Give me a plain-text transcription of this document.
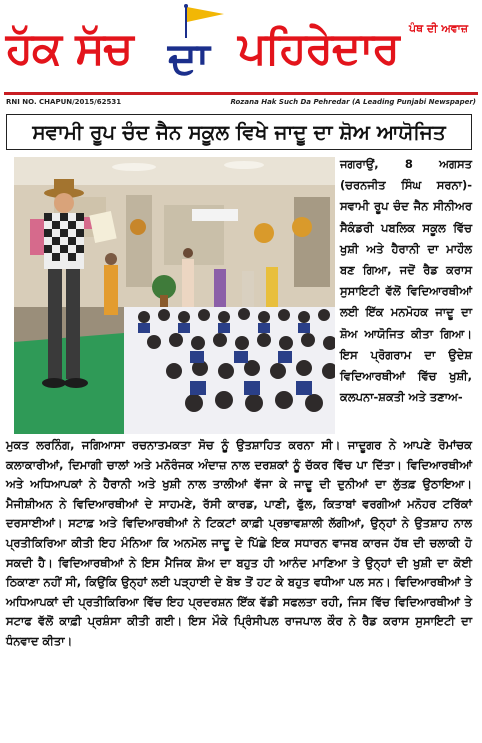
ਹੱਕ ਸੱਚ ਦਾ ਪਹਿਰੇਦਾਰ ਪੰਥ ਦੀ ਅਵਾਜ਼
RNI NO. CHAPUN/2015/62531	Rozana Hak Such Da Pehredar (A Leading Punjabi Newspaper)
ਸਵਾਮੀ ਰੂਪ ਚੰਦ ਜੈਨ ਸਕੂਲ ਵਿਖੇ ਜਾਦੂ ਦਾ ਸ਼ੋਅ ਆਯੋਜਿਤ

ਜਗਰਾਉਂ, 8 ਅਗਸਤ (ਚਰਨਜੀਤ ਸਿੰਘ ਸਰਨਾ)-ਸਵਾਮੀ ਰੂਪ ਚੰਦ ਜੈਨ ਸੀਨੀਅਰ ਸੈਕੰਡਰੀ ਪਬਲਿਕ ਸਕੂਲ ਵਿੱਚ ਖੁਸ਼ੀ ਅਤੇ ਹੈਰਾਨੀ ਦਾ ਮਾਹੌਲ ਬਣ ਗਿਆ, ਜਦੋਂ ਰੈਡ ਕਰਾਸ ਸੁਸਾਇਟੀ ਵੱਲੋਂ ਵਿਦਿਆਰਥੀਆਂ ਲਈ ਇੱਕ ਮਨਮੋਹਕ ਜਾਦੂ ਦਾ ਸ਼ੋਅ ਆਯੋਜਿਤ ਕੀਤਾ ਗਿਆ। ਇਸ ਪ੍ਰੋਗਰਾਮ ਦਾ ਉਦੇਸ਼ ਵਿਦਿਆਰਥੀਆਂ ਵਿੱਚ ਖੁਸ਼ੀ, ਕਲਪਨਾ-ਸ਼ਕਤੀ ਅਤੇ ਤਣਾਅ-

ਮੁਕਤ ਲਰਨਿੰਗ, ਜਗਿਆਸਾ ਰਚਨਾਤਮਕਤਾ ਸੋਚ ਨੂੰ ਉਤਸ਼ਾਹਿਤ ਕਰਨਾ ਸੀ। ਜਾਦੂਗਰ ਨੇ ਆਪਣੇ ਰੋਮਾਂਚਕ ਕਲਾਕਾਰੀਆਂ, ਦਿਮਾਗੀ ਚਾਲਾਂ ਅਤੇ ਮਨੋਰੰਜਕ ਅੰਦਾਜ਼ ਨਾਲ ਦਰਸ਼ਕਾਂ ਨੂੰ ਚੱਕਰ ਵਿੱਚ ਪਾ ਦਿੱਤਾ। ਵਿਦਿਆਰਥੀਆਂ ਅਤੇ ਅਧਿਆਪਕਾਂ ਨੇ ਹੈਰਾਨੀ ਅਤੇ ਖੁਸ਼ੀ ਨਾਲ ਤਾਲੀਆਂ ਵੱਜਾ ਕੇ ਜਾਦੂ ਦੀ ਦੁਨੀਆਂ ਦਾ ਲੁੱਤਫ਼ ਉਠਾਇਆ। ਮੈਜੀਸ਼ੀਅਨ ਨੇ ਵਿਦਿਆਰਥੀਆਂ ਦੇ ਸਾਹਮਣੇ, ਰੱਸੀ ਕਾਰਡ, ਪਾਣੀ, ਫੁੱਲ, ਕਿਤਾਬਾਂ ਵਰਗੀਆਂ ਮਨੋਹਰ ਟਰਿੱਕਾਂ ਦਰਸਾਈਆਂ। ਸਟਾਫ਼ ਅਤੇ ਵਿਦਿਆਰਥੀਆਂ ਨੇ ਟਿਕਟਾਂ ਕਾਫ਼ੀ ਪ੍ਰਭਾਵਸ਼ਾਲੀ ਲੱਗੀਆਂ, ਉਨ੍ਹਾਂ ਨੇ ਉਤਸ਼ਾਹ ਨਾਲ ਪ੍ਰਤੀਕਿਰਿਆ ਕੀਤੀ ਇਹ ਮੰਨਿਆ ਕਿ ਅਨਮੋਲ ਜਾਦੂ ਦੇ ਪਿੱਛੇ ਇਕ ਸਧਾਰਨ ਵਾਜਬ ਕਾਰਜ ਹੱਥ ਦੀ ਚਲਾਕੀ ਹੋ ਸਕਦੀ ਹੈ। ਵਿਦਿਆਰਥੀਆਂ ਨੇ ਇਸ ਮੈਜਿਕ ਸ਼ੋਅ ਦਾ ਬਹੁਤ ਹੀ ਆਨੰਦ ਮਾਣਿਆ ਤੇ ਉਨ੍ਹਾਂ ਦੀ ਖੁਸ਼ੀ ਦਾ ਕੋਈ ਠਿਕਾਣਾ ਨਹੀਂ ਸੀ, ਕਿਉਂਕਿ ਉਨ੍ਹਾਂ ਲਈ ਪੜ੍ਹਾਈ ਦੇ ਬੋਝ ਤੋਂ ਹਟ ਕੇ ਬਹੁਤ ਵਧੀਆ ਪਲ ਸਨ। ਵਿਦਿਆਰਥੀਆਂ ਤੇ ਅਧਿਆਪਕਾਂ ਦੀ ਪ੍ਰਤੀਕਿਰਿਆ ਵਿੱਚ ਇਹ ਪ੍ਰਦਰਸ਼ਨ ਇੱਕ ਵੱਡੀ ਸਫਲਤਾ ਰਹੀ, ਜਿਸ ਵਿੱਚ ਵਿਦਿਆਰਥੀਆਂ ਤੇ ਸਟਾਫ ਵੱਲੋਂ ਕਾਫ਼ੀ ਪ੍ਰਸ਼ੰਸਾ ਕੀਤੀ ਗਈ। ਇਸ ਮੌਕੇ ਪ੍ਰਿੰਸੀਪਲ ਰਾਜਪਾਲ ਕੌਰ ਨੇ ਰੈਡ ਕਰਾਸ ਸੁਸਾਇਟੀ ਦਾ ਧੰਨਵਾਦ ਕੀਤਾ।
